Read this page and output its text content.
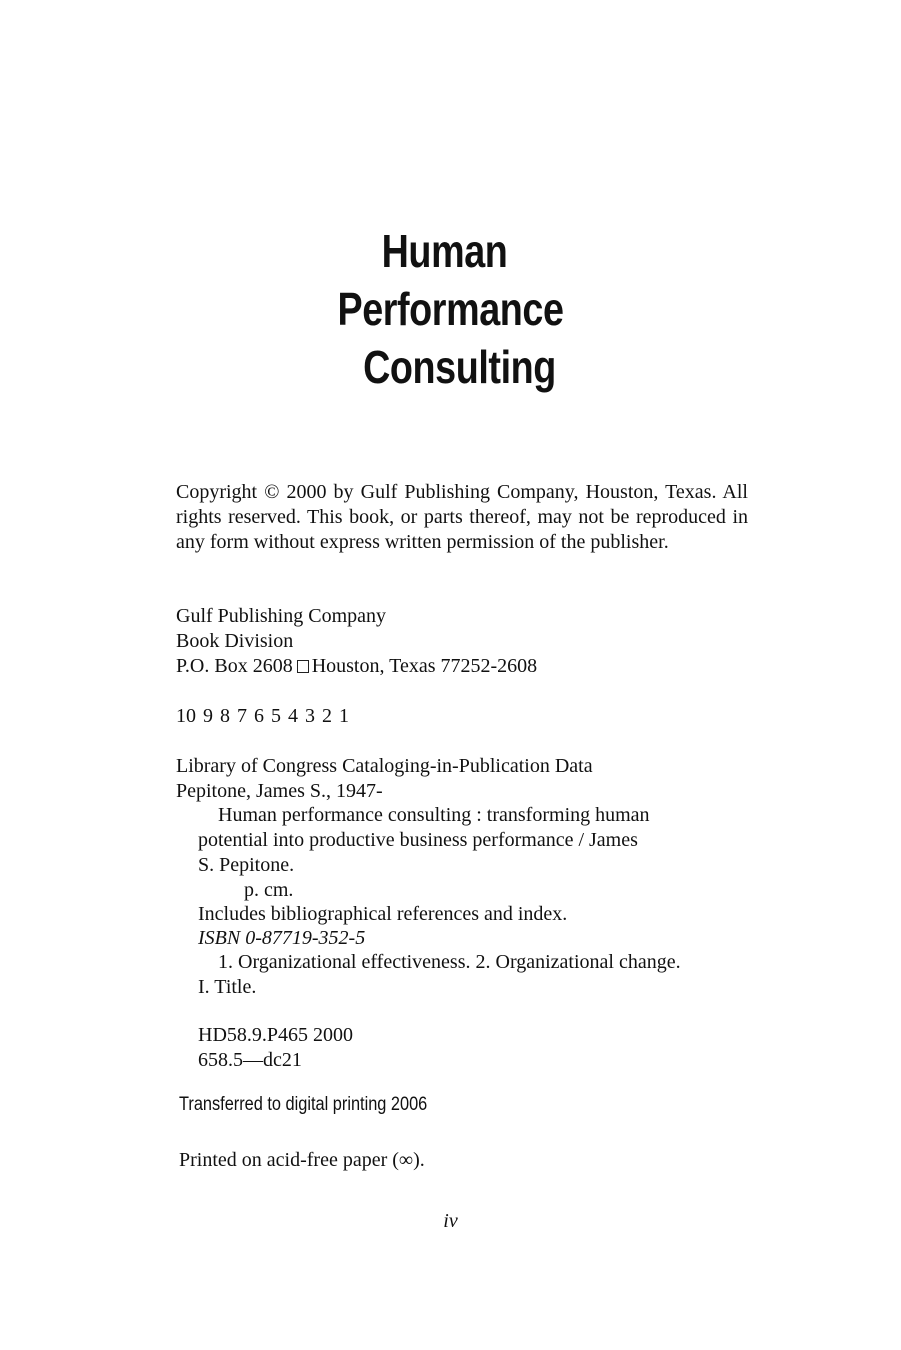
Human
Performance
Consulting
Copyright © 2000 by Gulf Publishing Company, Houston, Texas. All rights reserved. This book, or parts thereof, may not be reproduced in any form without express written permission of the publisher.
Gulf Publishing Company
Book Division
P.O. Box 2608 Houston, Texas 77252-2608
10 9 8 7 6 5 4 3 2 1
Library of Congress Cataloging-in-Publication Data
Pepitone, James S., 1947-
Human performance consulting : transforming human
potential into productive business performance / James
S. Pepitone.
p. cm.
Includes bibliographical references and index.
ISBN 0-87719-352-5
1. Organizational effectiveness. 2. Organizational change.
I. Title.
HD58.9.P465 2000
658.5—dc21
Transferred to digital printing 2006
Printed on acid-free paper (∞).
iv
